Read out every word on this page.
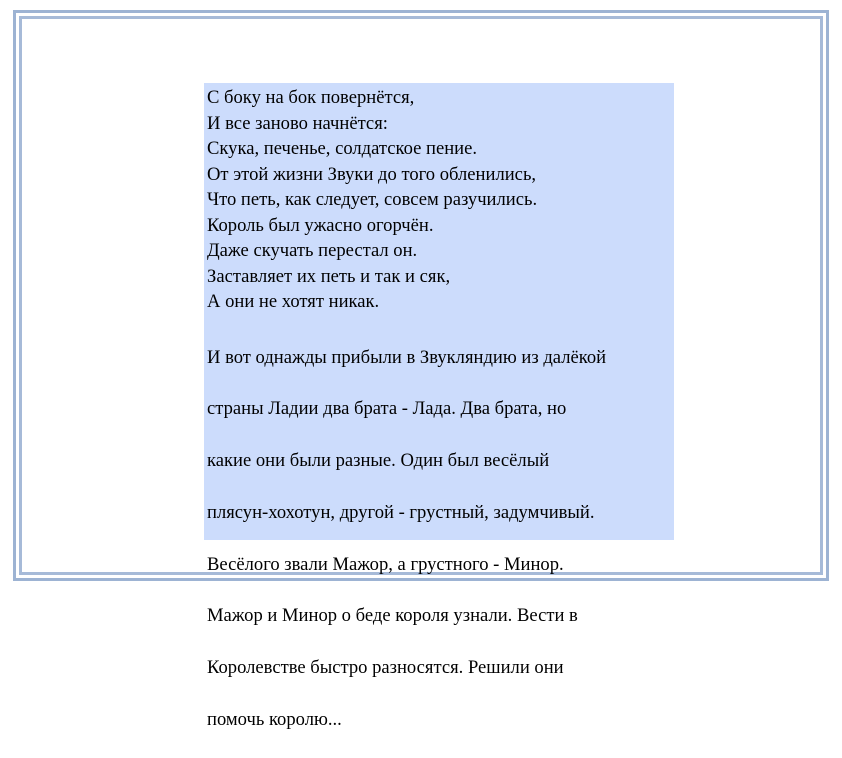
С боку на бок повернётся,
И все заново начнётся:
Скука, печенье, солдатское пение.
От этой жизни Звуки до того обленились,
Что петь, как следует, совсем разучились.
Король был ужасно огорчён.
Даже скучать перестал он.
Заставляет их петь и так и сяк,
А они не хотят никак.

И вот однажды прибыли в Звукляндию из далёкой

страны Ладии два брата - Лада. Два брата, но

какие они были разные. Один был весёлый

плясун-хохотун, другой - грустный, задумчивый.

Весёлого звали Мажор, а грустного - Минор.

Мажор и Минор о беде короля узнали. Вести в

Королевстве быстро разносятся. Решили они

помочь королю...
